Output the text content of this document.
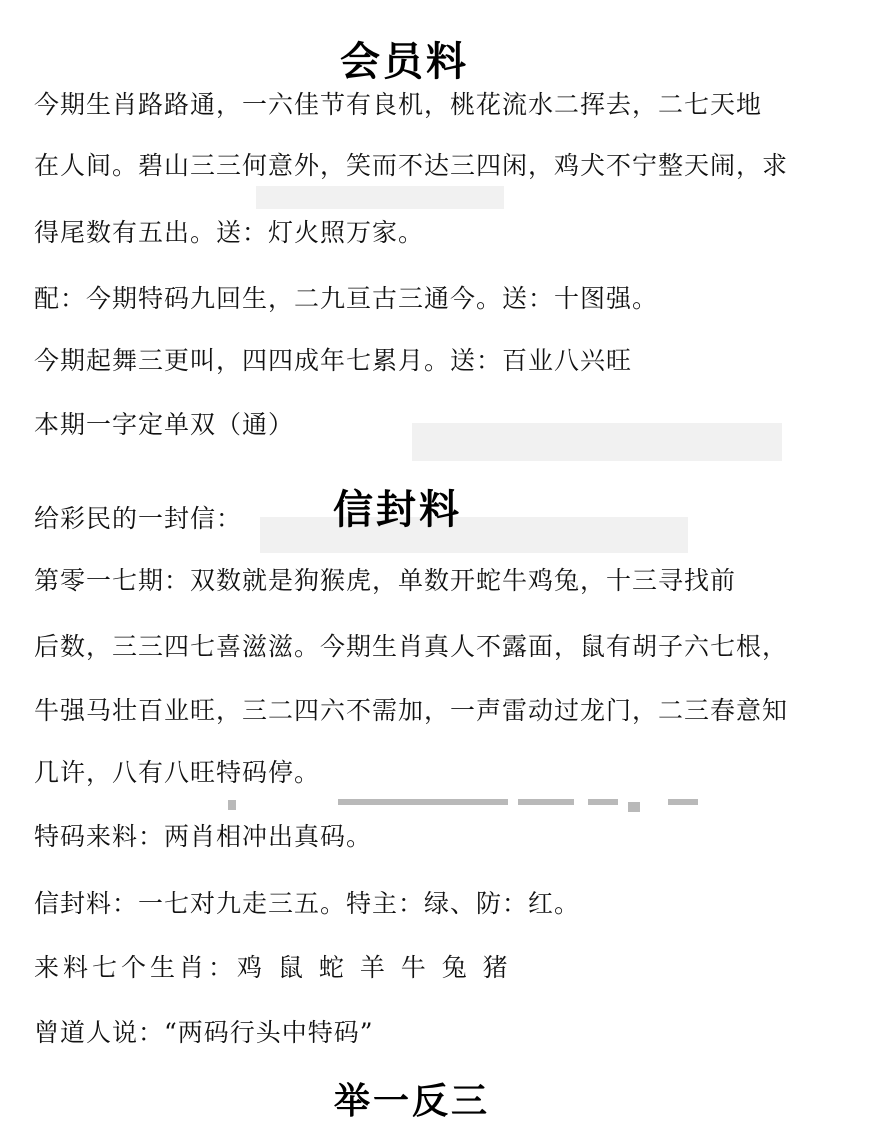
会员料
今期生肖路路通，一六佳节有良机，桃花流水二挥去，二七天地
在人间。碧山三三何意外，笑而不达三四闲，鸡犬不宁整天闹，求
得尾数有五出。送：灯火照万家。
配：今期特码九回生，二九亘古三通今。送：十图强。
今期起舞三更叫，四四成年七累月。送：百业八兴旺
本期一字定单双（通）
给彩民的一封信： 信封料
第零一七期：双数就是狗猴虎，单数开蛇牛鸡兔，十三寻找前
后数，三三四七喜滋滋。今期生肖真人不露面，鼠有胡子六七根，
牛强马壮百业旺，三二四六不需加，一声雷动过龙门，二三春意知
几许，八有八旺特码停。
特码来料：两肖相冲出真码。
信封料：一七对九走三五。特主：绿、防：红。
来料七个生肖：鸡 鼠 蛇 羊 牛 兔 猪
曾道人说：“两码行头中特码”
举一反三
